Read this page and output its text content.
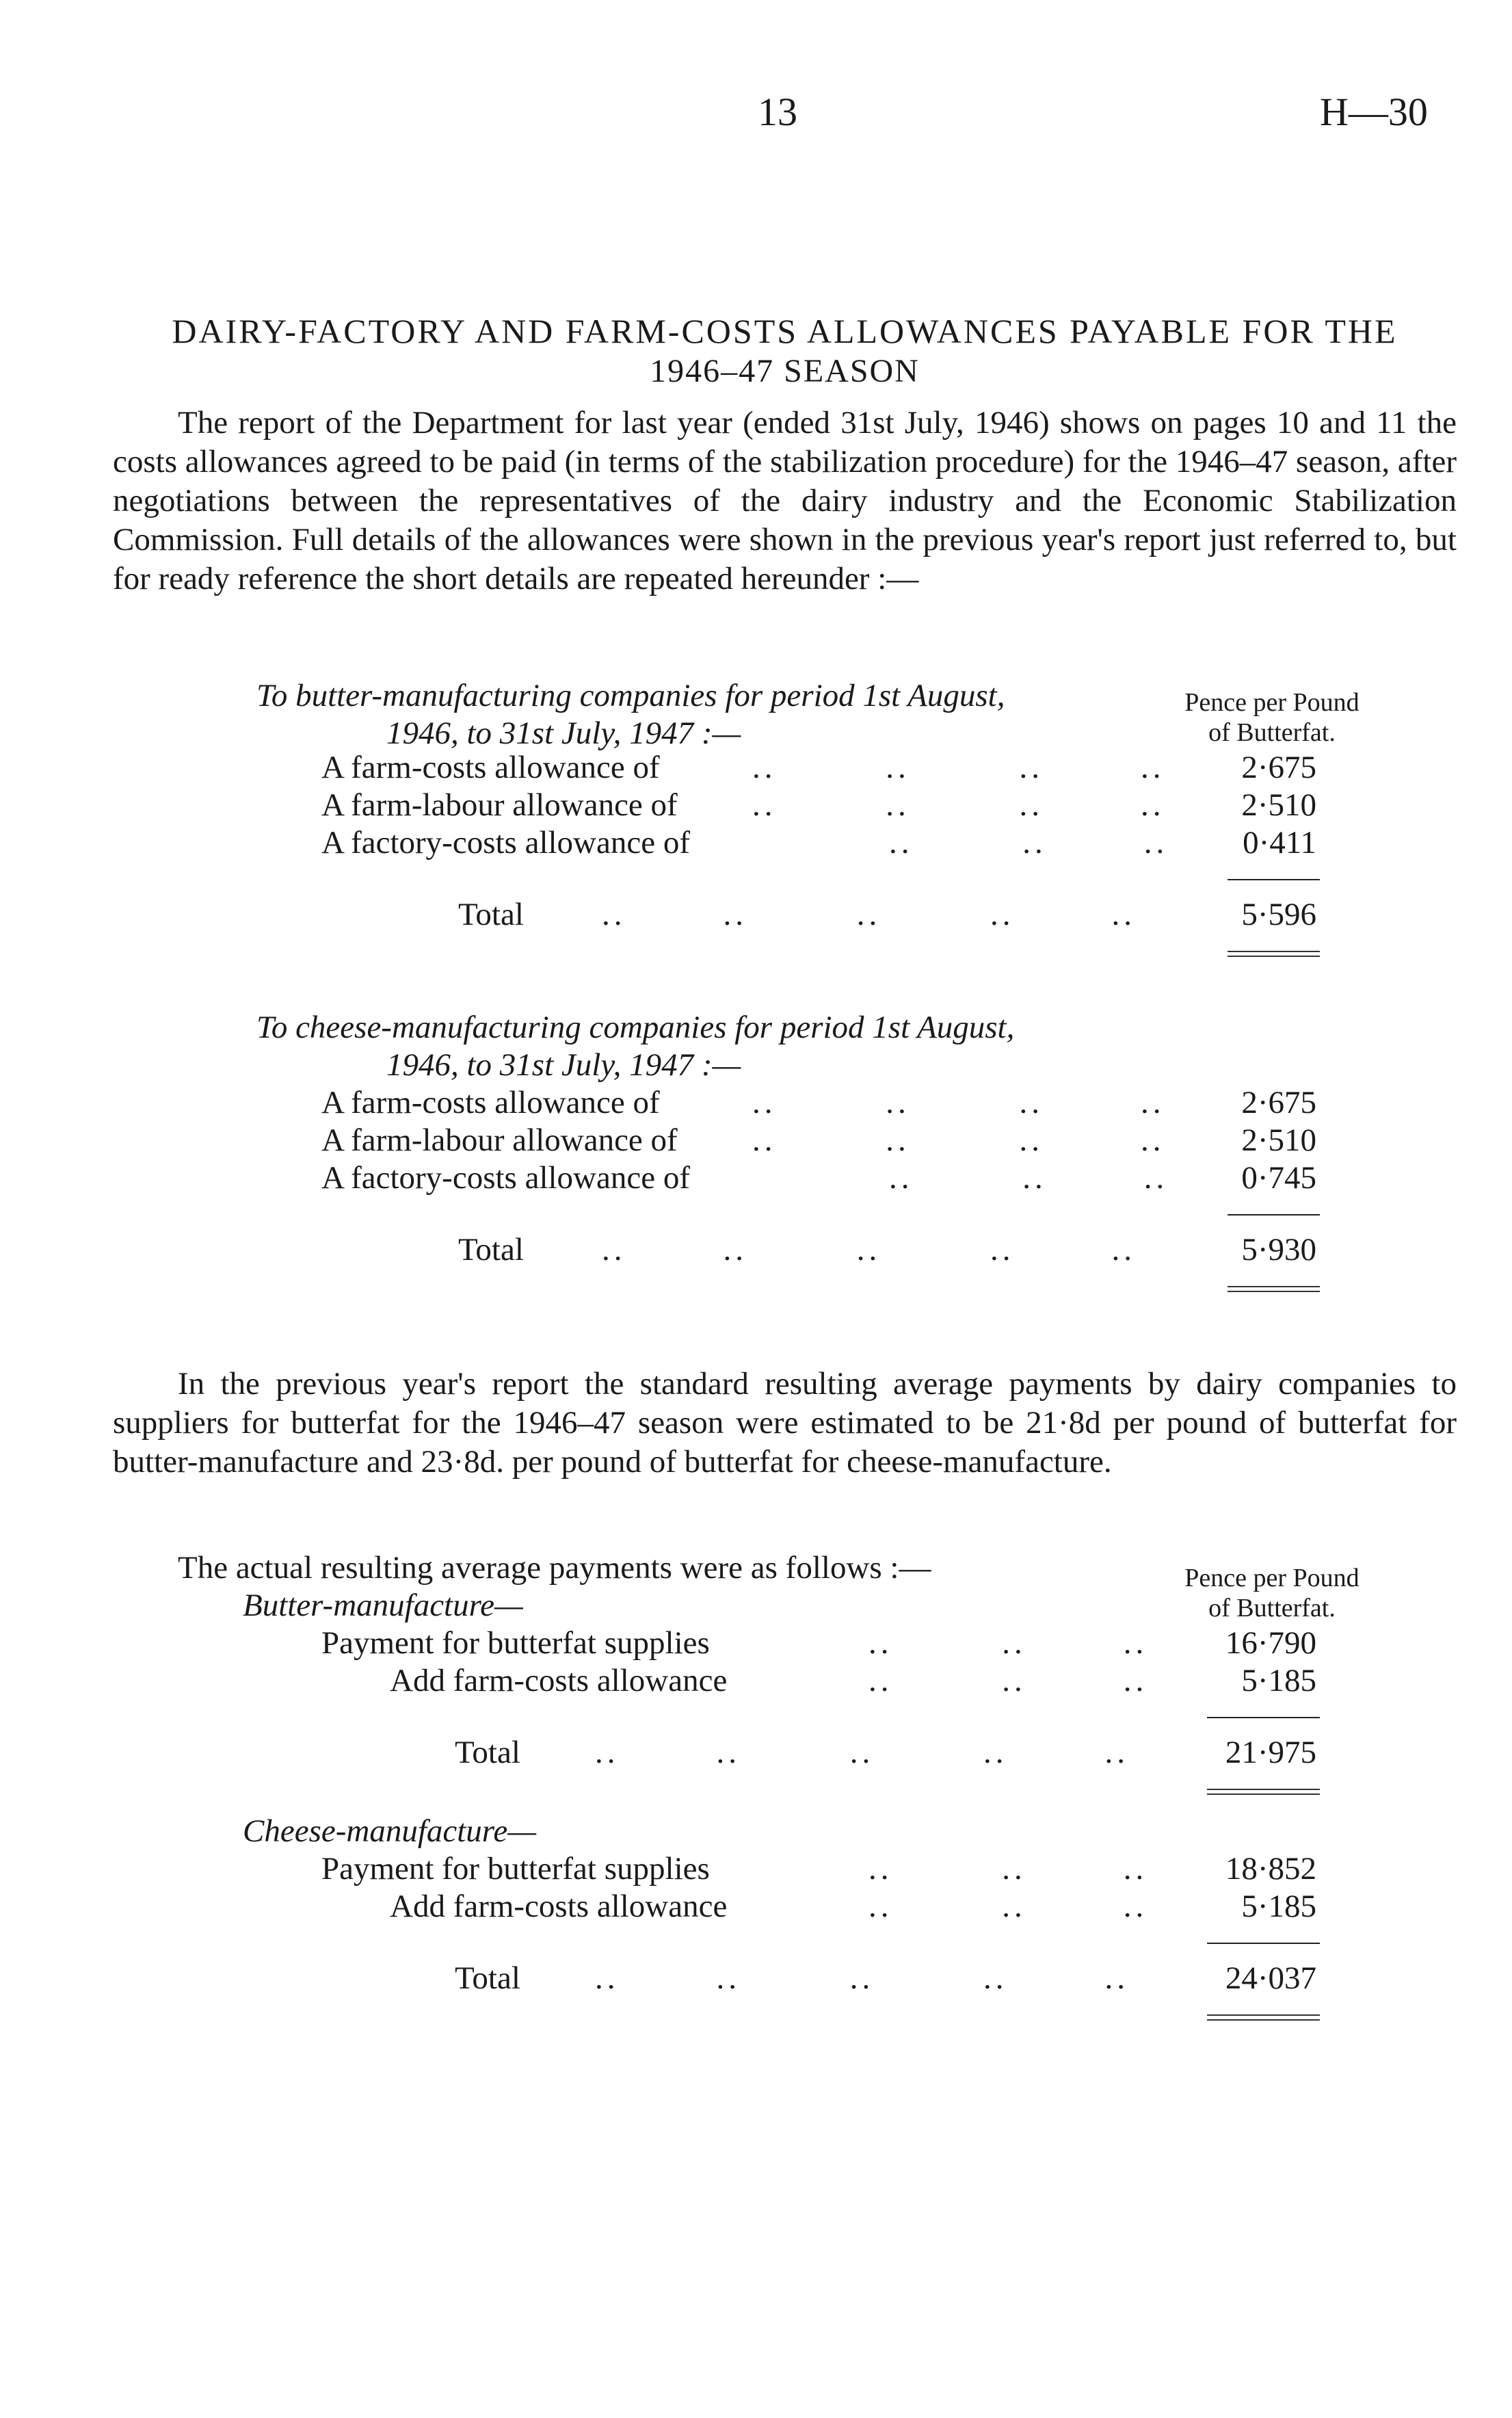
13	H—30
DAIRY-FACTORY AND FARM-COSTS ALLOWANCES PAYABLE FOR THE
1946–47 SEASON
The report of the Department for last year (ended 31st July, 1946) shows on pages 10 and 11 the costs allowances agreed to be paid (in terms of the stabilization procedure) for the 1946–47 season, after negotiations between the representatives of the dairy industry and the Economic Stabilization Commission. Full details of the allowances were shown in the previous year's report just referred to, but for ready reference the short details are repeated hereunder :—
To butter-manufacturing companies for period 1st August,
1946, to 31st July, 1947 :—
Pence per Pound
of Butterfat.
A farm-costs allowance of	..         ..         ..        ..	2·675
A farm-labour allowance of ..         ..         ..        ..	2·510
A factory-costs allowance of	..         ..        ..	0·411
Total ..        ..         ..         ..        ..	5·596
To cheese-manufacturing companies for period 1st August,
1946, to 31st July, 1947 :—
A farm-costs allowance of	..         ..         ..        ..	2·675
A farm-labour allowance of ..         ..         ..        ..	2·510
A factory-costs allowance of	..         ..        ..	0·745
Total ..        ..         ..         ..        ..	5·930
In the previous year's report the standard resulting average payments by dairy companies to suppliers for butterfat for the 1946–47 season were estimated to be 21·8d per pound of butterfat for butter-manufacture and 23·8d. per pound of butterfat for cheese-manufacture.
The actual resulting average payments were as follows :—	Pence per Pound
of Butterfat.
Butter-manufacture—
Payment for butterfat supplies	..         ..        ..	16·790
Add farm-costs allowance	..         ..        ..	5·185
Total ..        ..         ..         ..        ..	21·975
Cheese-manufacture—
Payment for butterfat supplies	..         ..        ..	18·852
Add farm-costs allowance	..         ..        ..	5·185
Total ..        ..         ..         ..        ..	24·037
